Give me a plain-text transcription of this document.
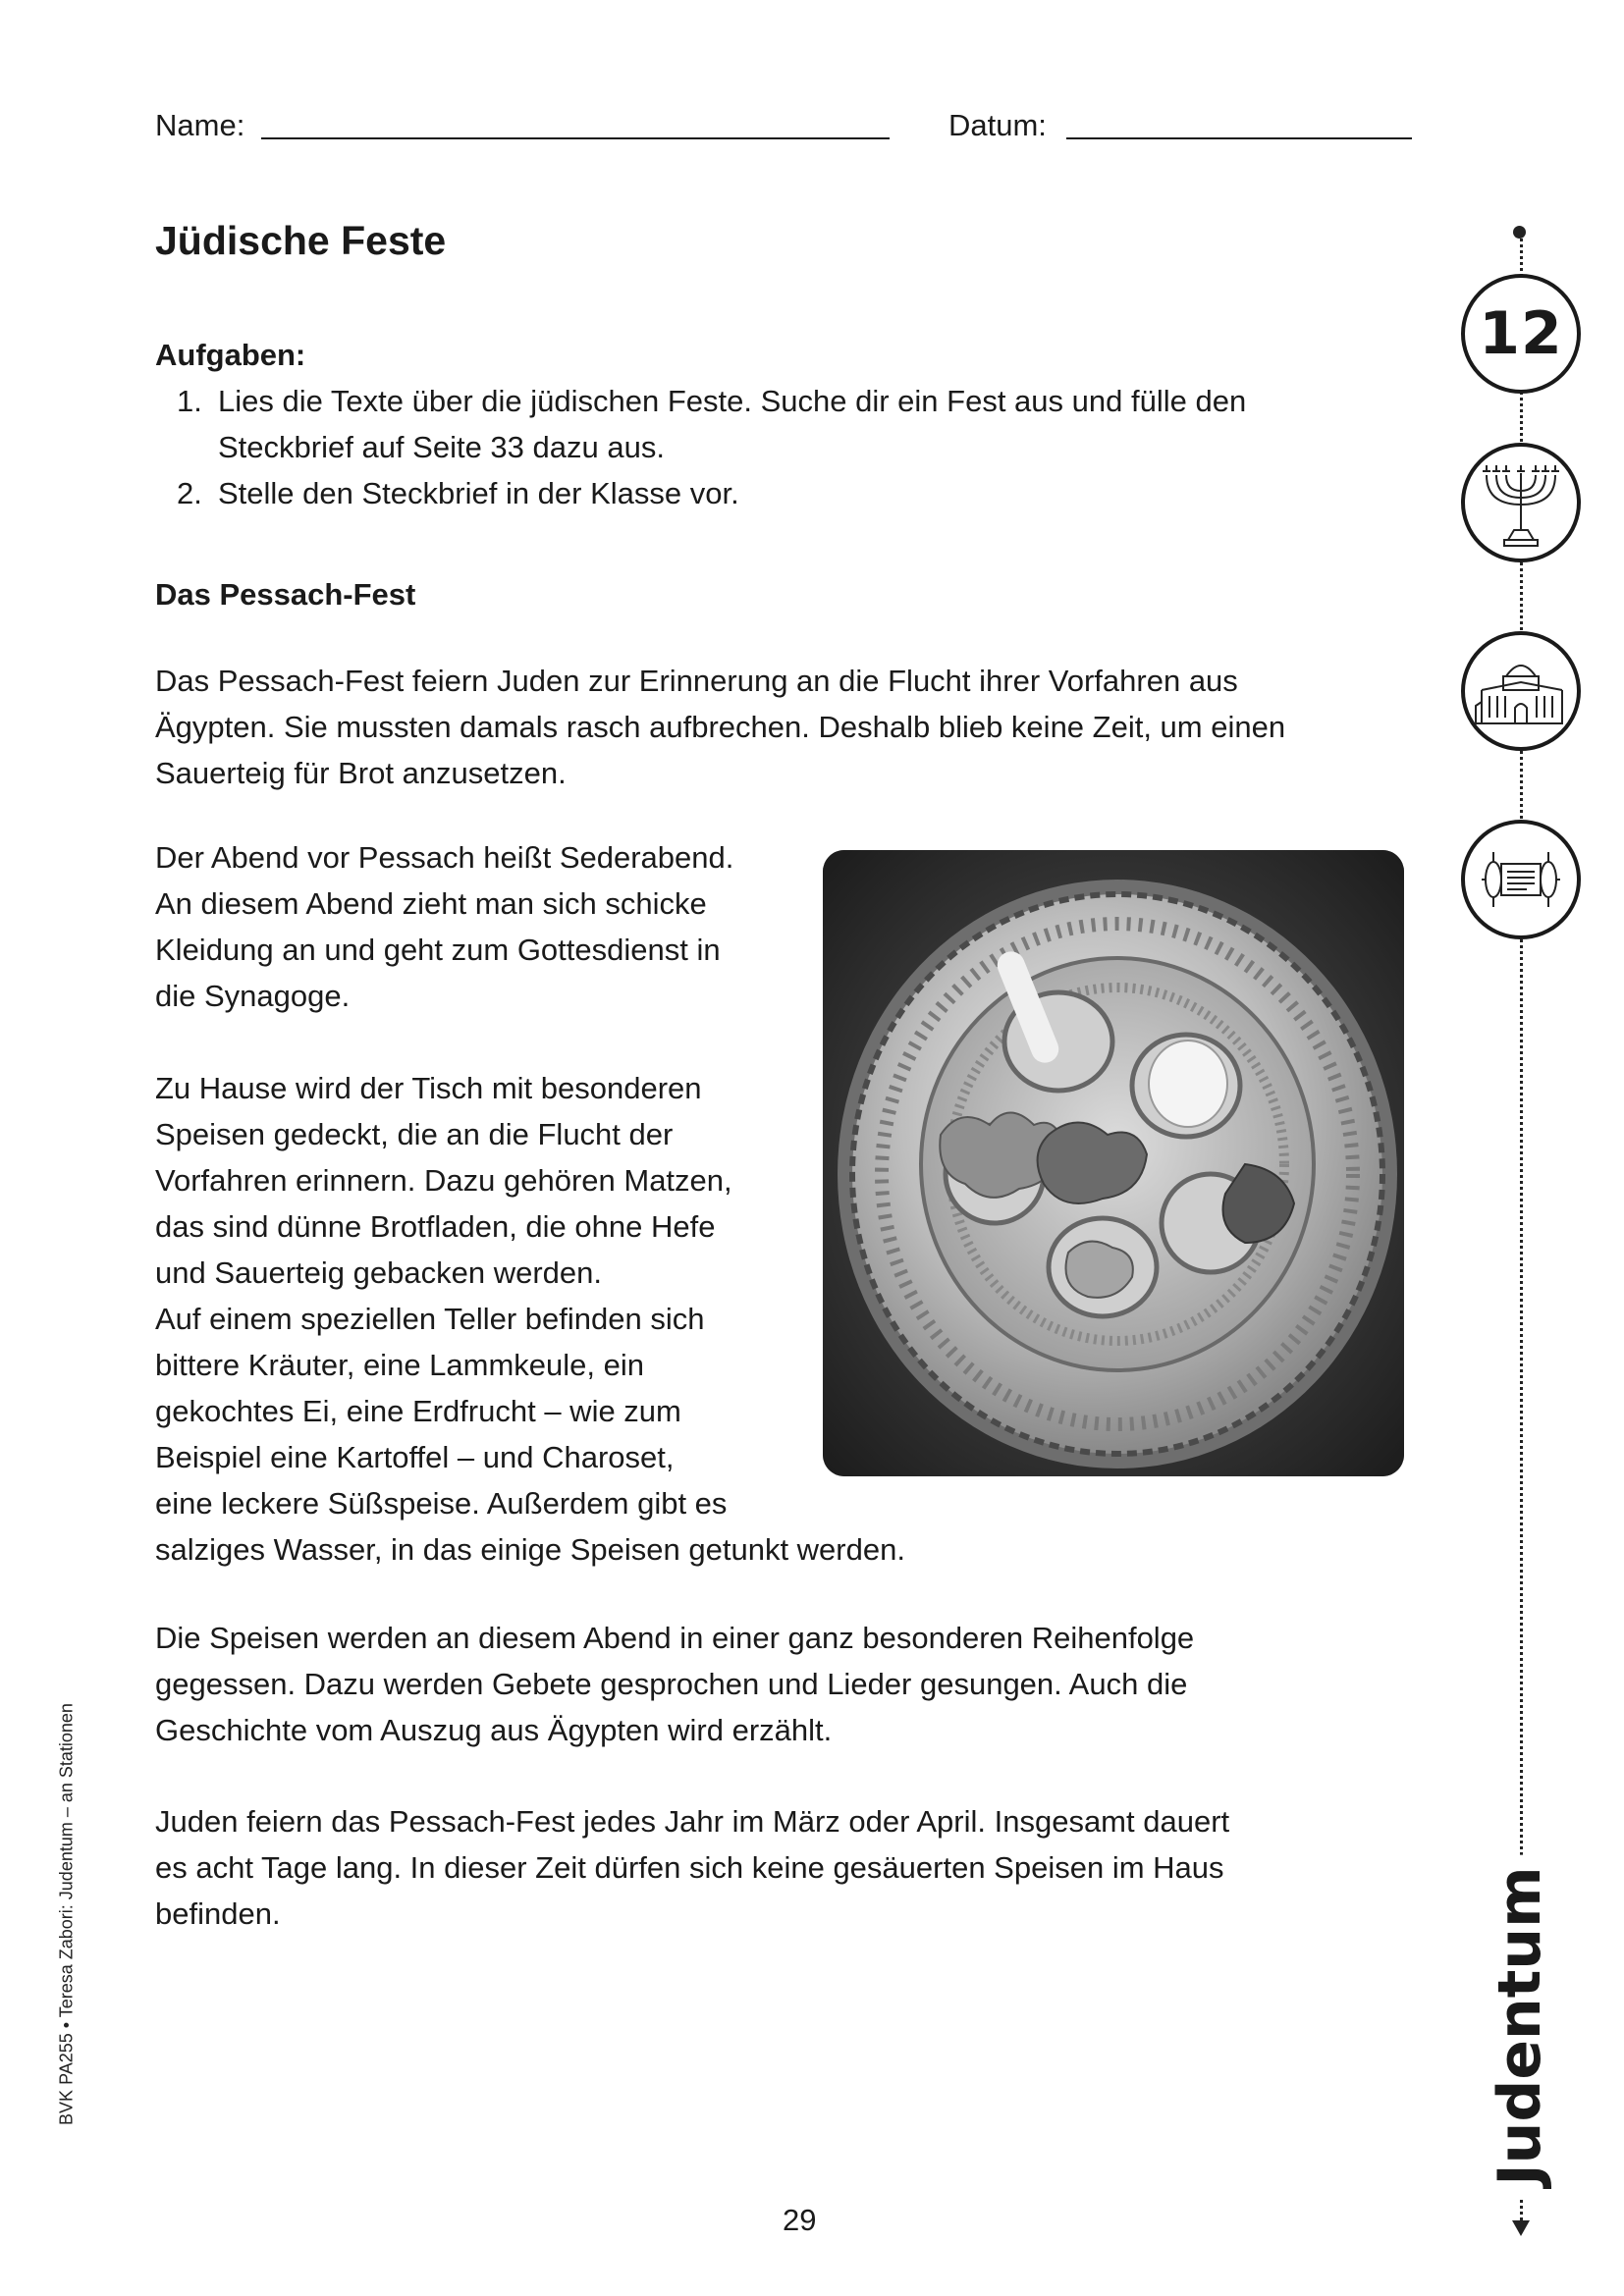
Name:	Datum:
Jüdische Feste
Aufgaben:
1. Lies die Texte über die jüdischen Feste. Suche dir ein Fest aus und fülle den Steckbrief auf Seite 33 dazu aus.
2. Stelle den Steckbrief in der Klasse vor.
Das Pessach-Fest
Das Pessach-Fest feiern Juden zur Erinnerung an die Flucht ihrer Vorfahren aus
Ägypten. Sie mussten damals rasch aufbrechen. Deshalb blieb keine Zeit, um einen
Sauerteig für Brot anzusetzen.
Der Abend vor Pessach heißt Sederabend.
An diesem Abend zieht man sich schicke
Kleidung an und geht zum Gottesdienst in
die Synagoge.
Zu Hause wird der Tisch mit besonderen
Speisen gedeckt, die an die Flucht der
Vorfahren erinnern. Dazu gehören Matzen,
das sind dünne Brotfladen, die ohne Hefe
und Sauerteig gebacken werden.
Auf einem speziellen Teller befinden sich
bittere Kräuter, eine Lammkeule, ein
gekochtes Ei, eine Erdfrucht – wie zum
Beispiel eine Kartoffel – und Charoset,
eine leckere Süßspeise. Außerdem gibt es
salziges Wasser, in das einige Speisen getunkt werden.
Die Speisen werden an diesem Abend in einer ganz besonderen Reihenfolge
gegessen. Dazu werden Gebete gesprochen und Lieder gesungen. Auch die
Geschichte vom Auszug aus Ägypten wird erzählt.
Juden feiern das Pessach-Fest jedes Jahr im März oder April. Insgesamt dauert
es acht Tage lang. In dieser Zeit dürfen sich keine gesäuerten Speisen im Haus
befinden.
12
Judentum
BVK PA255 • Teresa Zabori: Judentum – an Stationen
29
